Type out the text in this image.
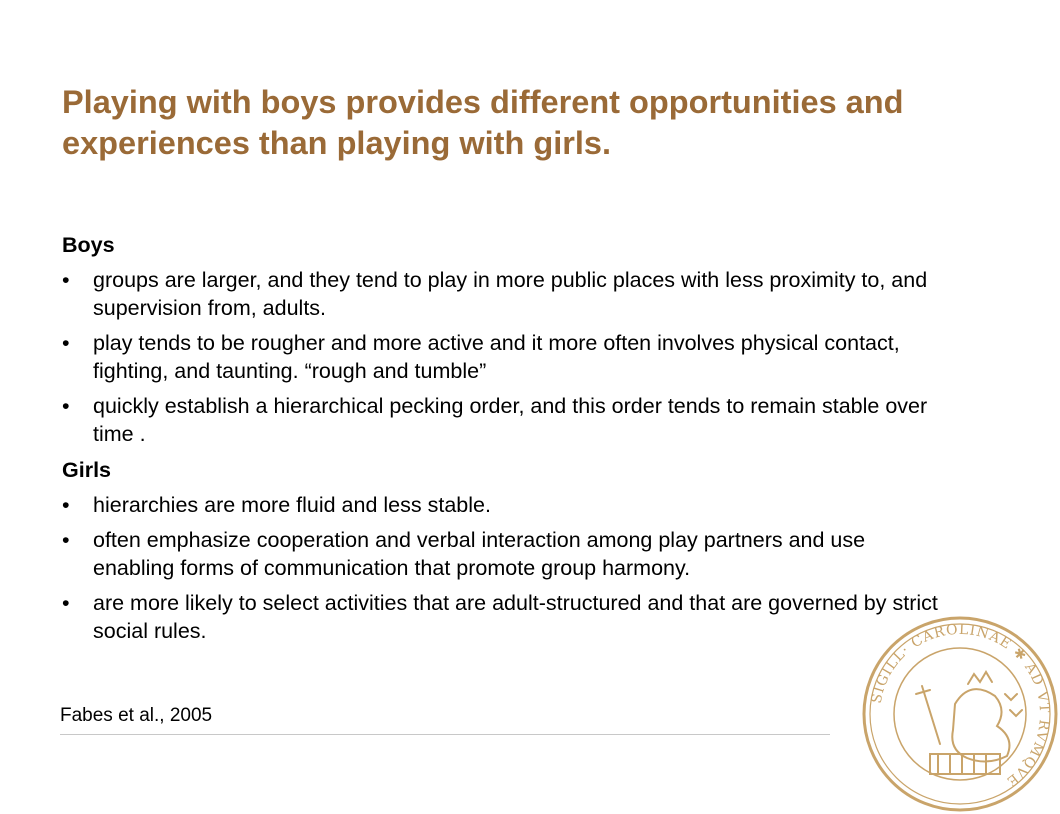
Playing with boys provides different opportunities and experiences than playing with girls.
Boys
•	groups are larger, and they tend to play in more public places with less proximity to, and supervision from, adults.
•	play tends to be rougher and more active and it more often involves physical contact, fighting, and taunting. “rough and tumble”
•	quickly establish a hierarchical pecking order, and this order tends to remain stable over time .
Girls
•	hierarchies are more fluid and less stable.
•	often emphasize cooperation and verbal interaction among play partners and use enabling forms of communication that promote group harmony.
•	are more likely to select activities that are adult-structured and that are governed by strict social rules.
Fabes et al., 2005
SIGILL· CAROLINAE ✱ AD VT RVMQVE
